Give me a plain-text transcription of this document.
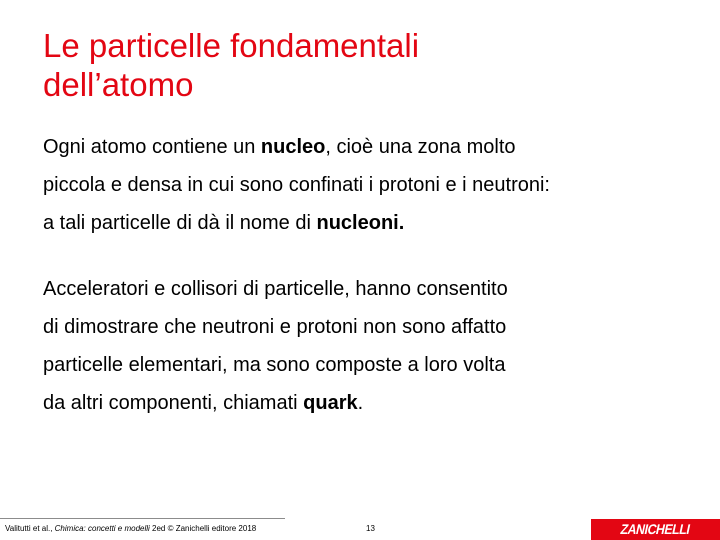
Le particelle fondamentali
dell’atomo

Ogni atomo contiene un nucleo, cioè una zona molto
piccola e densa in cui sono confinati i protoni e i neutroni:
a tali particelle di dà il nome di nucleoni.

Acceleratori e collisori di particelle, hanno consentito
di dimostrare che neutroni e protoni non sono affatto
particelle elementari, ma sono composte a loro volta
da altri componenti, chiamati quark.

Valitutti et al., Chimica: concetti e modelli 2ed © Zanichelli editore 2018	13	ZANICHELLI
